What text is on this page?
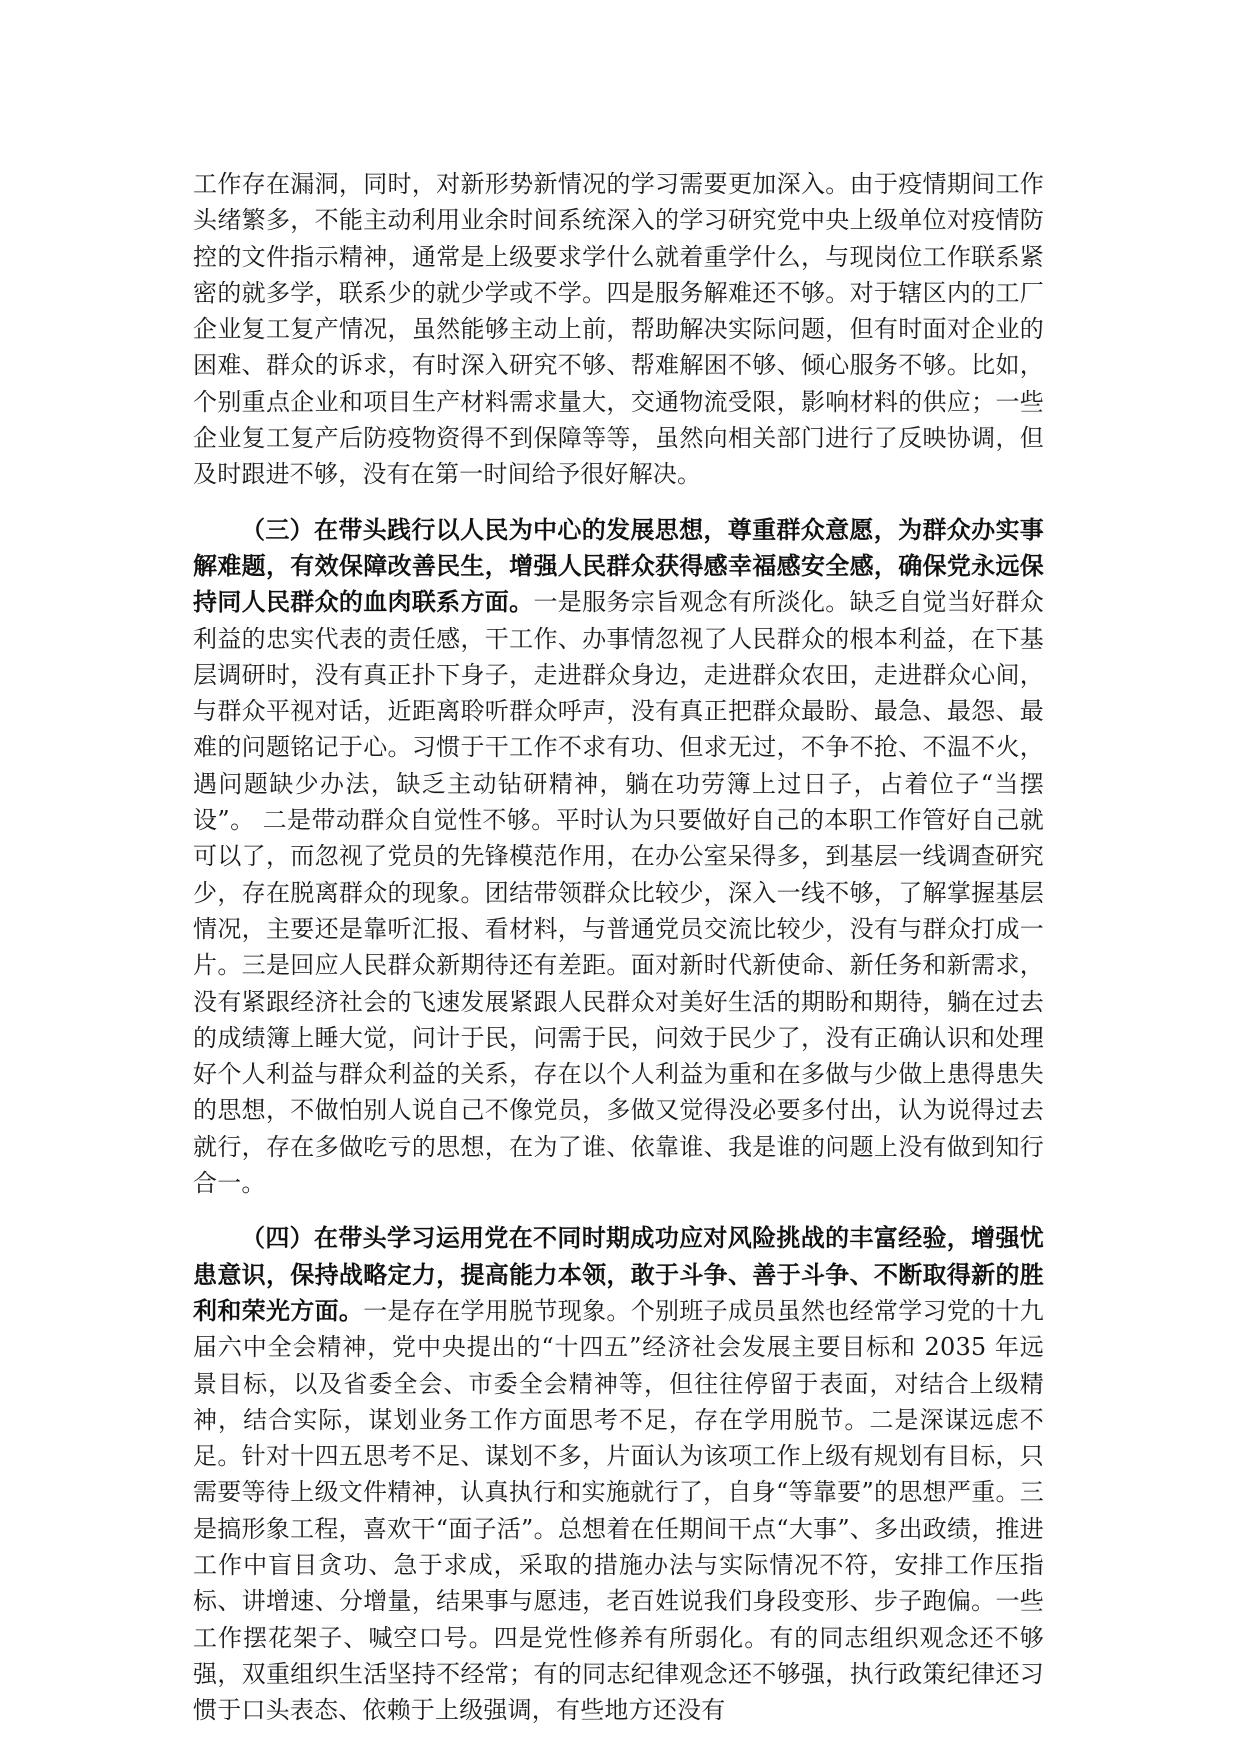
工作存在漏洞，同时，对新形势新情况的学习需要更加深入。由于疫情期间工作头绪繁多，不能主动利用业余时间系统深入的学习研究党中央上级单位对疫情防控的文件指示精神，通常是上级要求学什么就着重学什么，与现岗位工作联系紧密的就多学，联系少的就少学或不学。四是服务解难还不够。对于辖区内的工厂企业复工复产情况，虽然能够主动上前，帮助解决实际问题，但有时面对企业的困难、群众的诉求，有时深入研究不够、帮难解困不够、倾心服务不够。比如，个别重点企业和项目生产材料需求量大，交通物流受限，影响材料的供应；一些企业复工复产后防疫物资得不到保障等等，虽然向相关部门进行了反映协调，但及时跟进不够，没有在第一时间给予很好解决。

（三）在带头践行以人民为中心的发展思想，尊重群众意愿，为群众办实事解难题，有效保障改善民生，增强人民群众获得感幸福感安全感，确保党永远保持同人民群众的血肉联系方面。一是服务宗旨观念有所淡化。缺乏自觉当好群众利益的忠实代表的责任感，干工作、办事情忽视了人民群众的根本利益，在下基层调研时，没有真正扑下身子，走进群众身边，走进群众农田，走进群众心间，与群众平视对话，近距离聆听群众呼声，没有真正把群众最盼、最急、最怨、最难的问题铭记于心。习惯于干工作不求有功、但求无过，不争不抢、不温不火，遇问题缺少办法，缺乏主动钻研精神，躺在功劳簿上过日子，占着位子“当摆设”。 二是带动群众自觉性不够。平时认为只要做好自己的本职工作管好自己就可以了，而忽视了党员的先锋模范作用，在办公室呆得多，到基层一线调查研究少，存在脱离群众的现象。团结带领群众比较少，深入一线不够，了解掌握基层情况，主要还是靠听汇报、看材料，与普通党员交流比较少，没有与群众打成一片。三是回应人民群众新期待还有差距。面对新时代新使命、新任务和新需求，没有紧跟经济社会的飞速发展紧跟人民群众对美好生活的期盼和期待，躺在过去的成绩簿上睡大觉，问计于民，问需于民，问效于民少了，没有正确认识和处理好个人利益与群众利益的关系，存在以个人利益为重和在多做与少做上患得患失的思想，不做怕别人说自己不像党员，多做又觉得没必要多付出，认为说得过去就行，存在多做吃亏的思想，在为了谁、依靠谁、我是谁的问题上没有做到知行合一。

（四）在带头学习运用党在不同时期成功应对风险挑战的丰富经验，增强忧患意识，保持战略定力，提高能力本领，敢于斗争、善于斗争、不断取得新的胜利和荣光方面。一是存在学用脱节现象。个别班子成员虽然也经常学习党的十九届六中全会精神，党中央提出的“十四五”经济社会发展主要目标和 2035 年远景目标，以及省委全会、市委全会精神等，但往往停留于表面，对结合上级精神，结合实际，谋划业务工作方面思考不足，存在学用脱节。二是深谋远虑不足。针对十四五思考不足、谋划不多，片面认为该项工作上级有规划有目标，只需要等待上级文件精神，认真执行和实施就行了，自身“等靠要”的思想严重。三是搞形象工程，喜欢干“面子活”。总想着在任期间干点“大事”、多出政绩，推进工作中盲目贪功、急于求成，采取的措施办法与实际情况不符，安排工作压指标、讲增速、分增量，结果事与愿违，老百姓说我们身段变形、步子跑偏。一些工作摆花架子、喊空口号。四是党性修养有所弱化。有的同志组织观念还不够强，双重组织生活坚持不经常；有的同志纪律观念还不够强，执行政策纪律还习惯于口头表态、依赖于上级强调，有些地方还没有
